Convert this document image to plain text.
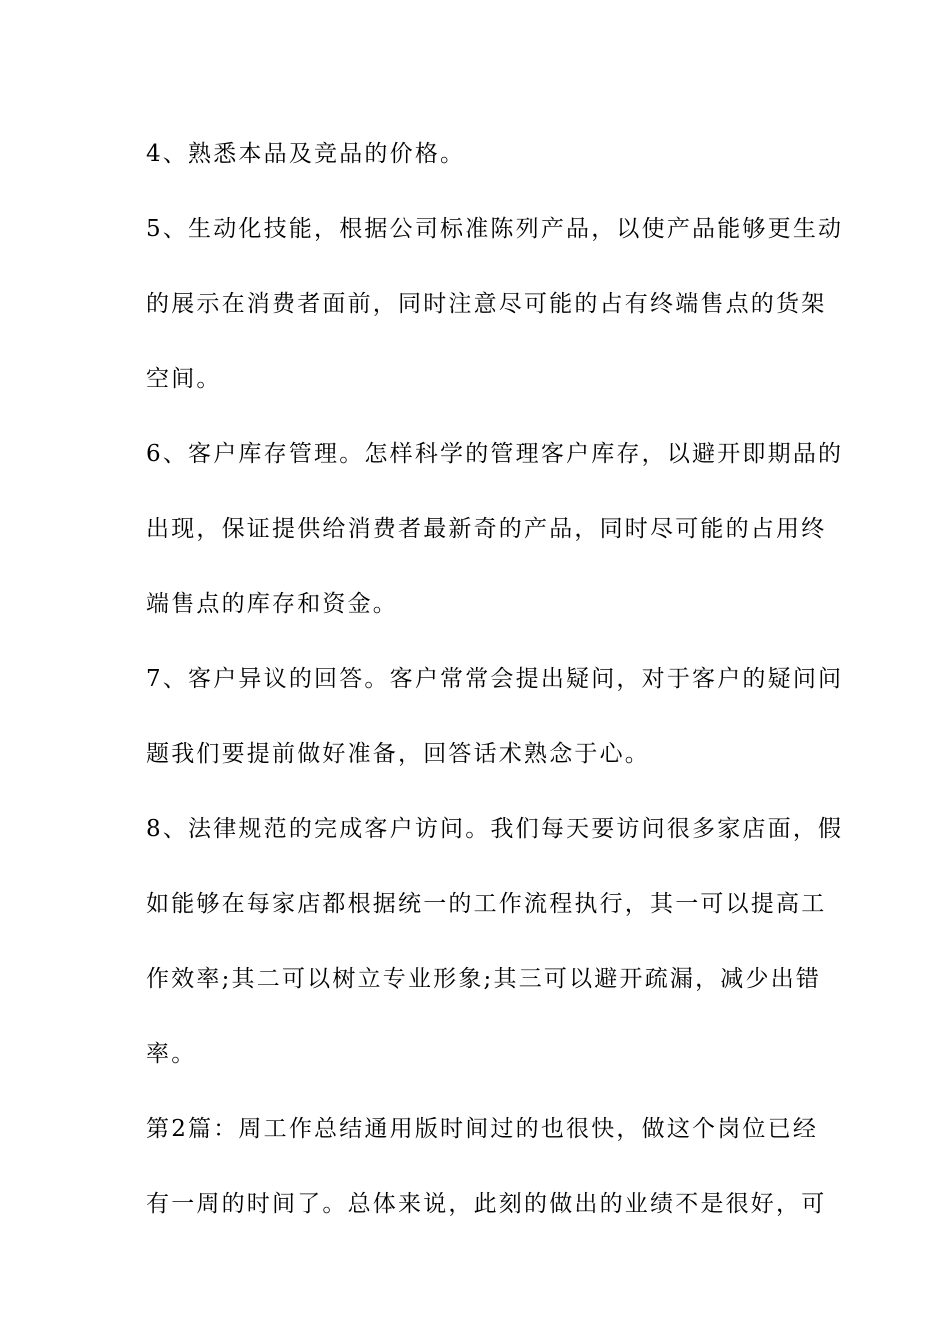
4、熟悉本品及竞品的价格。
5、生动化技能，根据公司标准陈列产品，以使产品能够更生动
的展示在消费者面前，同时注意尽可能的占有终端售点的货架
空间。
6、客户库存管理。怎样科学的管理客户库存，以避开即期品的
出现，保证提供给消费者最新奇的产品，同时尽可能的占用终
端售点的库存和资金。
7、客户异议的回答。客户常常会提出疑问，对于客户的疑问问
题我们要提前做好准备，回答话术熟念于心。
8、法律规范的完成客户访问。我们每天要访问很多家店面，假
如能够在每家店都根据统一的工作流程执行，其一可以提高工
作效率;其二可以树立专业形象;其三可以避开疏漏，减少出错
率。
第2篇：周工作总结通用版时间过的也很快，做这个岗位已经
有一周的时间了。总体来说，此刻的做出的业绩不是很好，可
